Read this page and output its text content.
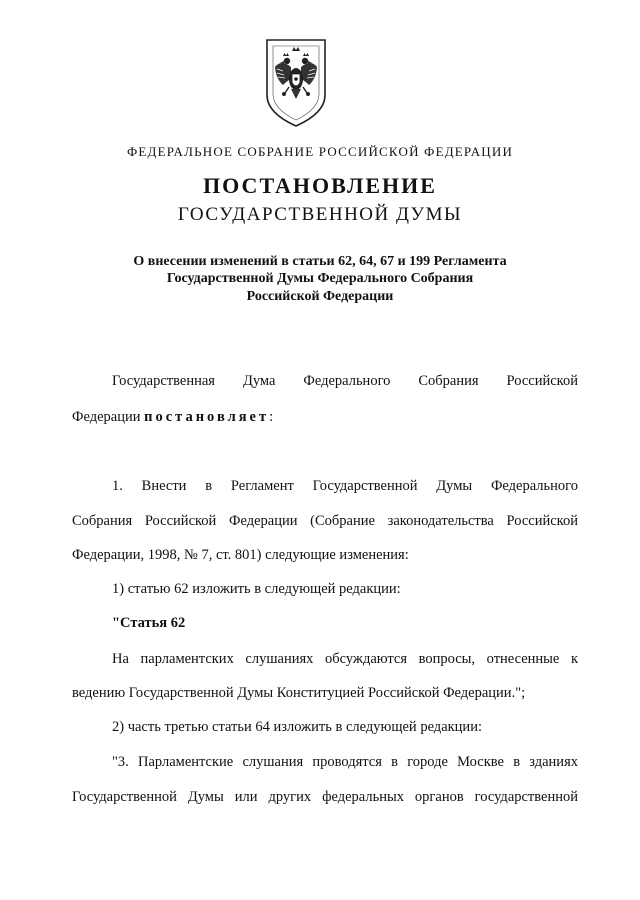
ФЕДЕРАЛЬНОЕ СОБРАНИЕ РОССИЙСКОЙ ФЕДЕРАЦИИ
ПОСТАНОВЛЕНИЕ
ГОСУДАРСТВЕННОЙ ДУМЫ
О внесении изменений в статьи 62, 64, 67 и 199 Регламента
Государственной Думы Федерального Собрания
Российской Федерации
Государственная Дума Федерального Собрания Российской
Федерации постановляет:
1. Внести в Регламент Государственной Думы Федерального
Собрания Российской Федерации (Собрание законодательства Российской
Федерации, 1998, № 7, ст. 801) следующие изменения:
1) статью 62 изложить в следующей редакции:
"Статья 62
На парламентских слушаниях обсуждаются вопросы, отнесенные к
ведению Государственной Думы Конституцией Российской Федерации.";
2) часть третью статьи 64 изложить в следующей редакции:
"3. Парламентские слушания проводятся в городе Москве в зданиях
Государственной Думы или других федеральных органов государственной
